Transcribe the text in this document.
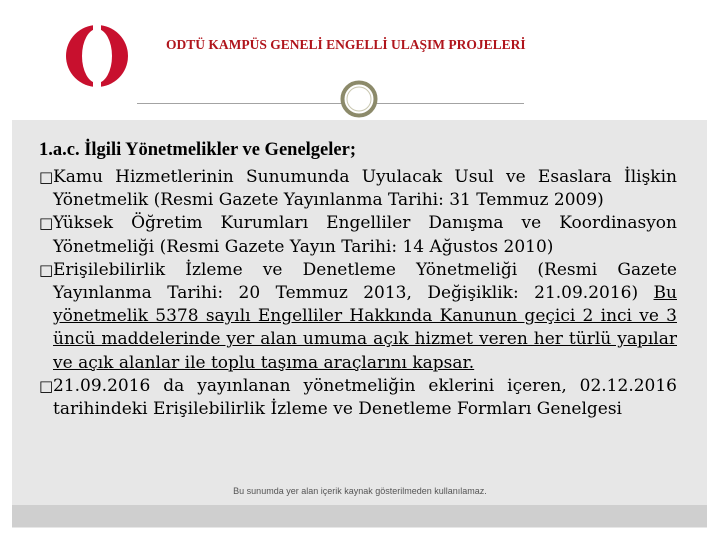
ODTÜ KAMPÜS GENELİ ENGELLİ ULAŞIM PROJELERİ
1.a.c. İlgili Yönetmelikler ve Genelgeler;
□ Kamu Hizmetlerinin Sunumunda Uyulacak Usul ve Esaslara İlişkin Yönetmelik (Resmi Gazete Yayınlanma Tarihi: 31 Temmuz 2009)
□ Yüksek Öğretim Kurumları Engelliler Danışma ve Koordinasyon Yönetmeliği (Resmi Gazete Yayın Tarihi: 14 Ağustos 2010)
□ Erişilebilirlik İzleme ve Denetleme Yönetmeliği (Resmi Gazete Yayınlanma Tarihi: 20 Temmuz 2013, Değişiklik: 21.09.2016) Bu yönetmelik 5378 sayılı Engelliler Hakkında Kanunun geçici 2 inci ve 3 üncü maddelerinde yer alan umuma açık hizmet veren her türlü yapılar ve açık alanlar ile toplu taşıma araçlarını kapsar.
□ 21.09.2016 da yayınlanan yönetmeliğin eklerini içeren, 02.12.2016 tarihindeki Erişilebilirlik İzleme ve Denetleme Formları Genelgesi
Bu sunumda yer alan içerik kaynak gösterilmeden kullanılamaz.
